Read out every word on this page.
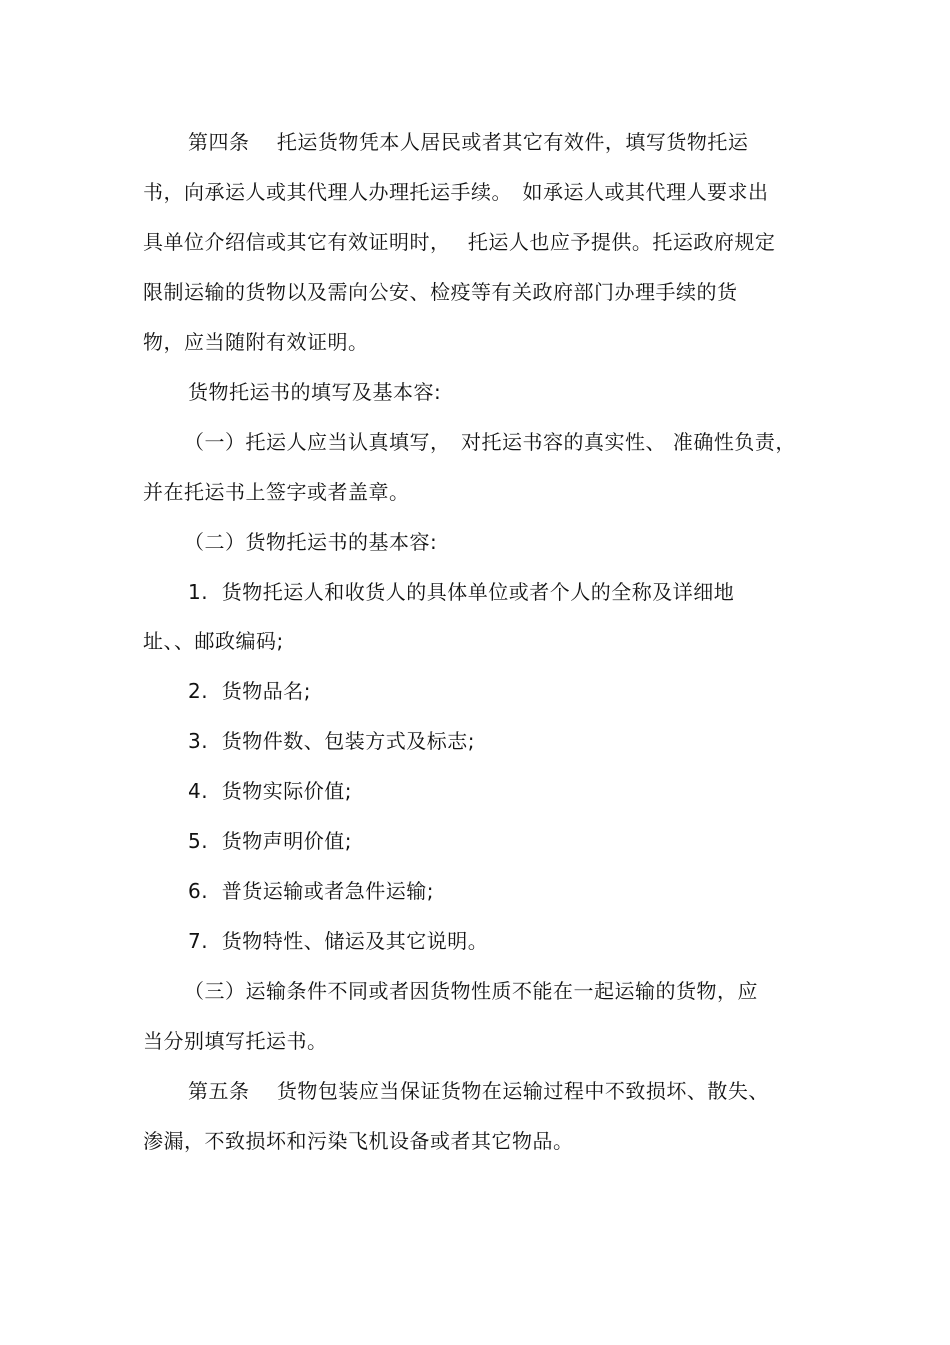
第四条　 托运货物凭本人居民或者其它有效件，填写货物托运
书，向承运人或其代理人办理托运手续。　如承运人或其代理人要求出
具单位介绍信或其它有效证明时，　 托运人也应予提供。托运政府规定
限制运输的货物以及需向公安、检疫等有关政府部门办理手续的货
物，应当随附有效证明。
货物托运书的填写及基本容:
（一）托运人应当认真填写，　对托运书容的真实性、 准确性负责，
并在托运书上签字或者盖章。
（二）货物托运书的基本容:
1.  货物托运人和收货人的具体单位或者个人的全称及详细地
址、、邮政编码;
2.  货物品名;
3.  货物件数、包装方式及标志;
4.  货物实际价值;
5.  货物声明价值;
6.  普货运输或者急件运输;
7.  货物特性、储运及其它说明。
（三）运输条件不同或者因货物性质不能在一起运输的货物，应
当分别填写托运书。
第五条　 货物包装应当保证货物在运输过程中不致损坏、散失、
渗漏，不致损坏和污染飞机设备或者其它物品。
